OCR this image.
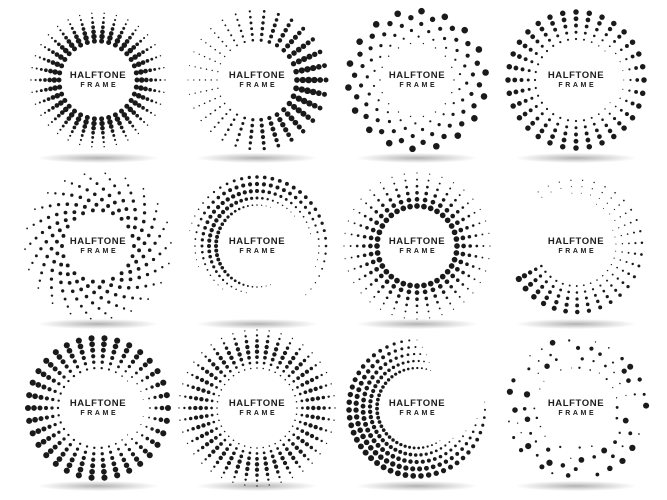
HALFTONE
FRAME
HALFTONE
FRAME
HALFTONE
FRAME
HALFTONE
FRAME
HALFTONE
FRAME
HALFTONE
FRAME
HALFTONE
FRAME
HALFTONE
FRAME
HALFTONE
FRAME
HALFTONE
FRAME
HALFTONE
FRAME
HALFTONE
FRAME
